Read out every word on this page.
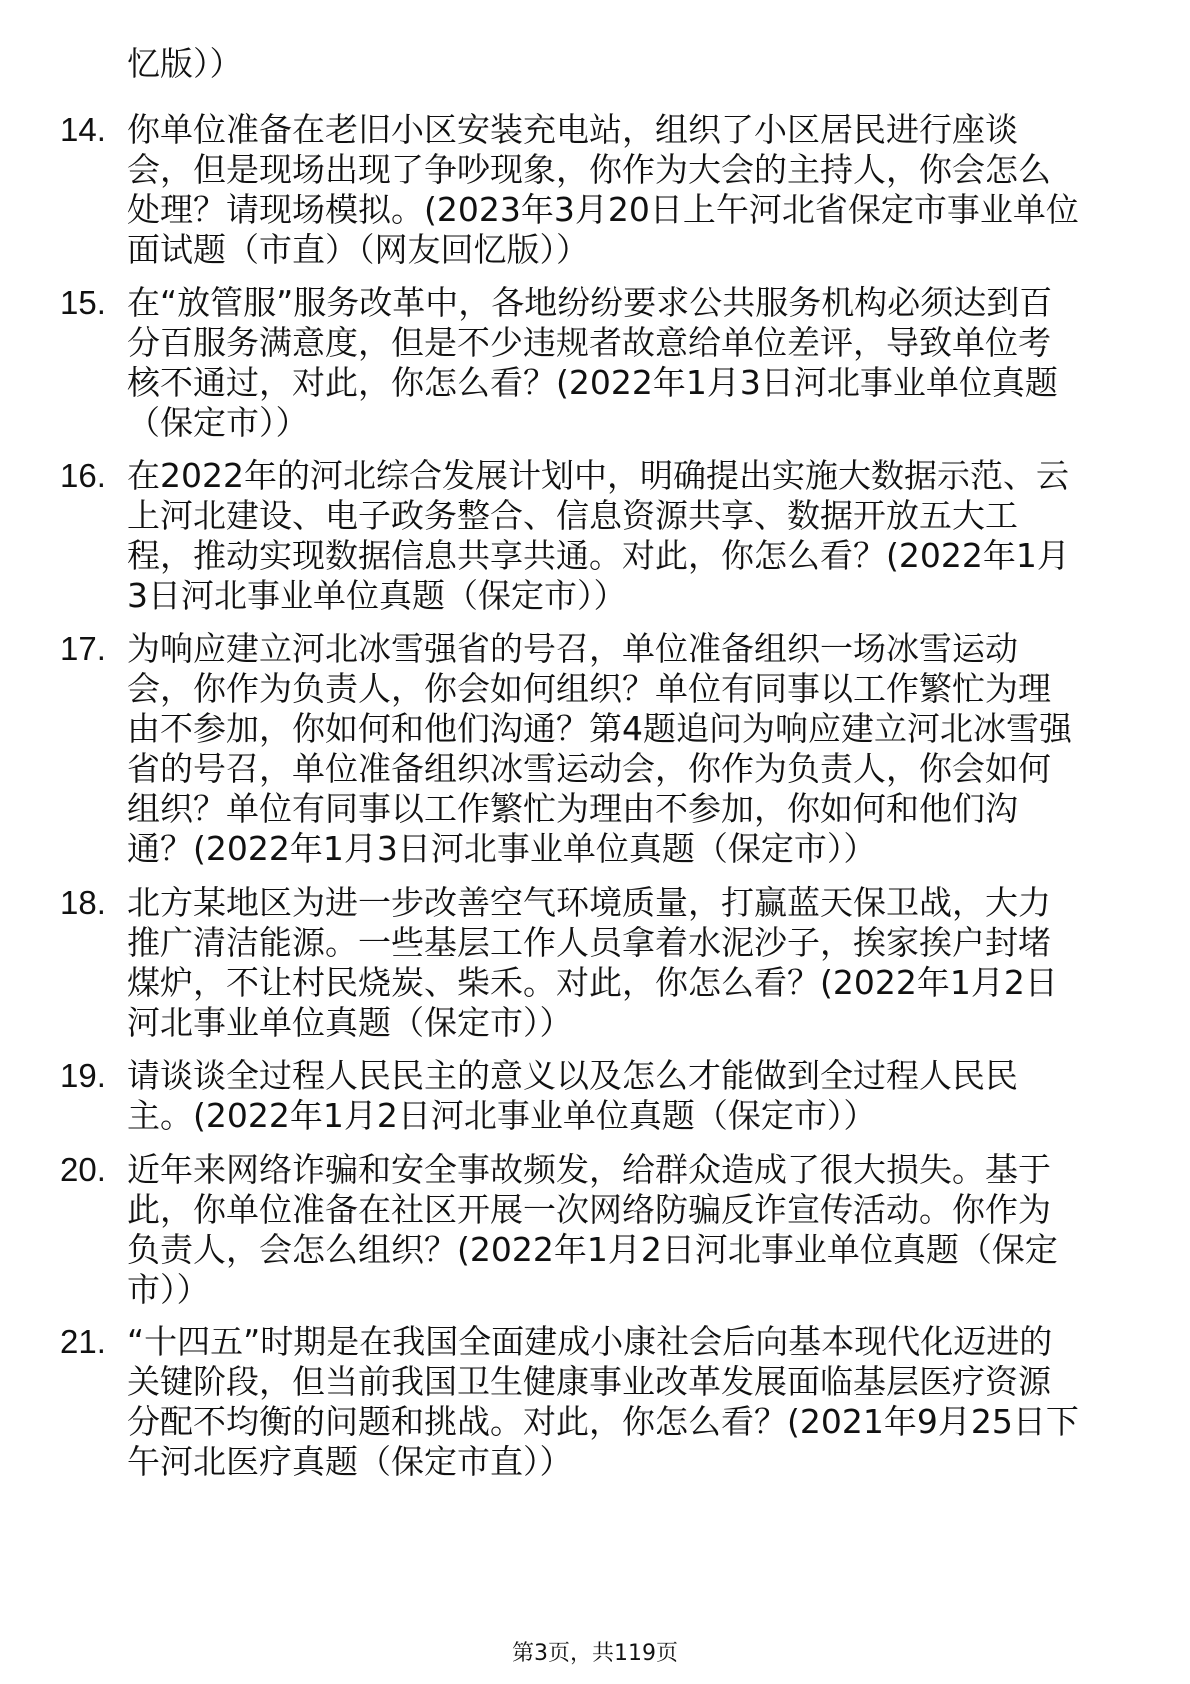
忆版））

14. 你单位准备在老旧小区安装充电站，组织了小区居民进行座谈
会，但是现场出现了争吵现象，你作为大会的主持人，你会怎么
处理？请现场模拟。(2023年3月20日上午河北省保定市事业单位
面试题（市直）（网友回忆版））

15. 在“放管服”服务改革中，各地纷纷要求公共服务机构必须达到百
分百服务满意度，但是不少违规者故意给单位差评，导致单位考
核不通过，对此，你怎么看？(2022年1月3日河北事业单位真题
（保定市））

16. 在2022年的河北综合发展计划中，明确提出实施大数据示范、云
上河北建设、电子政务整合、信息资源共享、数据开放五大工
程，推动实现数据信息共享共通。对此，你怎么看？(2022年1月
3日河北事业单位真题（保定市））

17. 为响应建立河北冰雪强省的号召，单位准备组织一场冰雪运动
会，你作为负责人，你会如何组织？单位有同事以工作繁忙为理
由不参加，你如何和他们沟通？第4题追问为响应建立河北冰雪强
省的号召，单位准备组织冰雪运动会，你作为负责人，你会如何
组织？单位有同事以工作繁忙为理由不参加，你如何和他们沟
通？(2022年1月3日河北事业单位真题（保定市））

18. 北方某地区为进一步改善空气环境质量，打赢蓝天保卫战，大力
推广清洁能源。一些基层工作人员拿着水泥沙子，挨家挨户封堵
煤炉，不让村民烧炭、柴禾。对此，你怎么看？(2022年1月2日
河北事业单位真题（保定市））

19. 请谈谈全过程人民民主的意义以及怎么才能做到全过程人民民
主。(2022年1月2日河北事业单位真题（保定市））

20. 近年来网络诈骗和安全事故频发，给群众造成了很大损失。基于
此，你单位准备在社区开展一次网络防骗反诈宣传活动。你作为
负责人，会怎么组织？(2022年1月2日河北事业单位真题（保定
市））

21. “十四五”时期是在我国全面建成小康社会后向基本现代化迈进的
关键阶段，但当前我国卫生健康事业改革发展面临基层医疗资源
分配不均衡的问题和挑战。对此，你怎么看？(2021年9月25日下
午河北医疗真题（保定市直））

第3页，共119页
